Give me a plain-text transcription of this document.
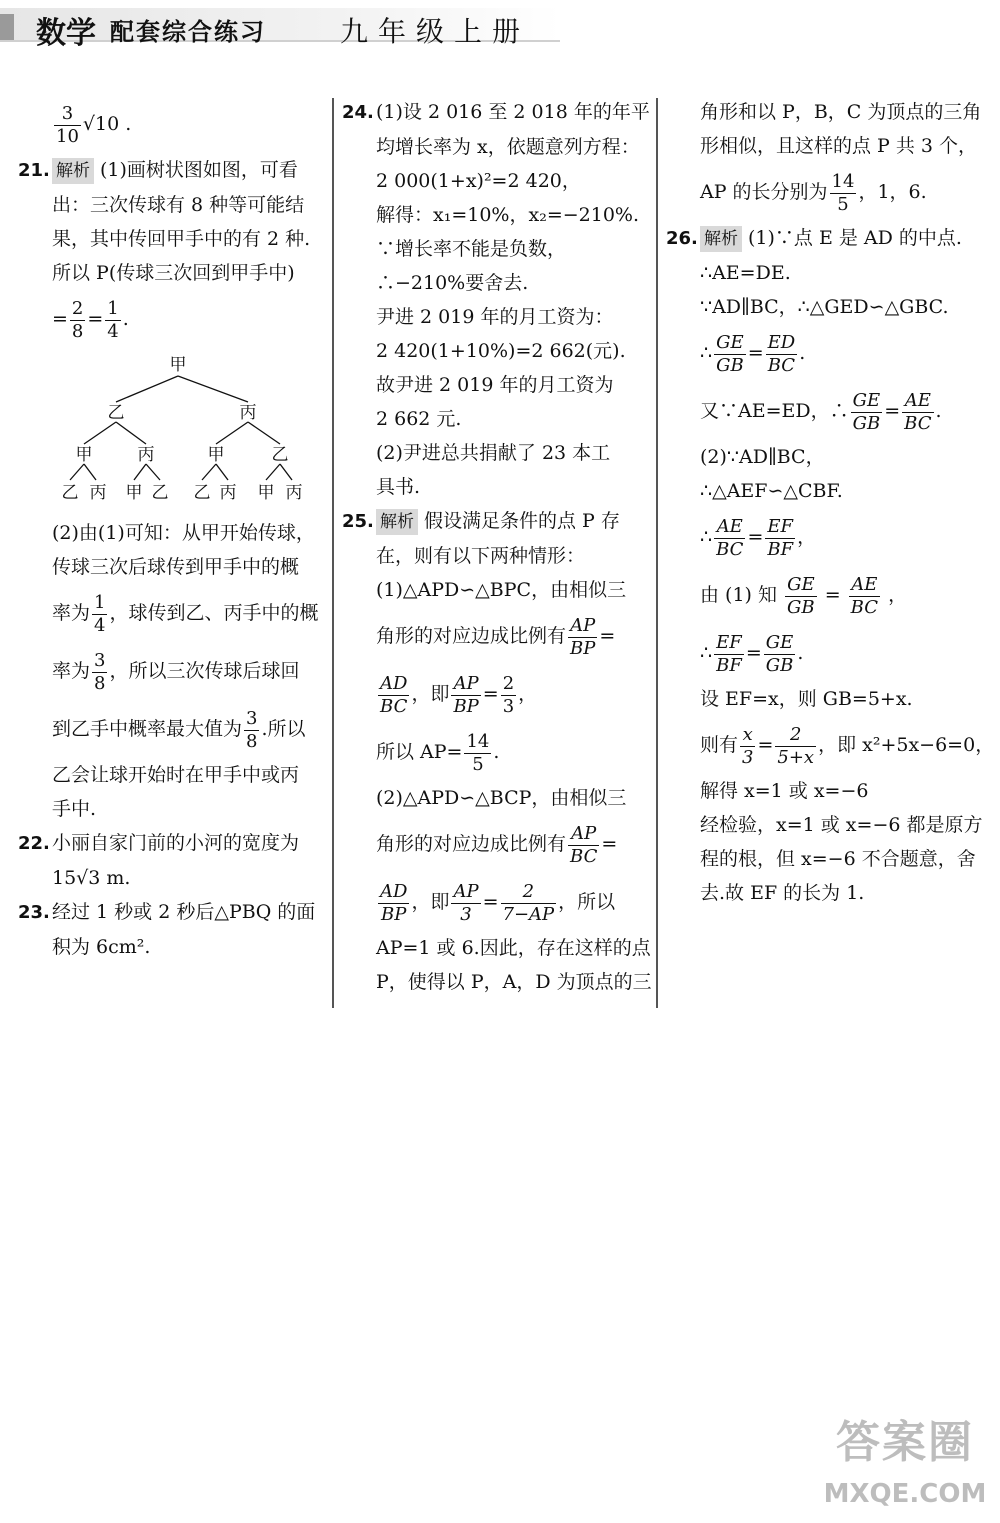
数学 配套综合练习	九年级上册
$\frac{3}{10} √10$ .
21. 解析 (1)画树状图如图，可看
出：三次传球有 8 种等可能结
果，其中传回甲手中的有 2 种.
所以 P(传球三次回到甲手中)
= $\frac{2}{8} = \frac{1}{4}$ .
甲
乙	丙
甲	丙	甲	乙
乙 丙 甲 乙 乙 丙 甲 丙
(2)由(1)可知：从甲开始传球，
传球三次后球传到甲手中的概
率为 $\frac{1}{4}$ ，球传到乙、丙手中的概
率为 $\frac{3}{8}$ ，所以三次传球后球回
到乙手中概率最大值为 $\frac{3}{8}$ .所以
乙会让球开始时在甲手中或丙
手中.
22. 小丽自家门前的小河的宽度为
15√3 m.
23. 经过 1 秒或 2 秒后△PBQ 的面
积为 6cm².
24. (1)设 2 016 至 2 018 年的年平
均增长率为 x，依题意列方程：
2 000(1+x)²=2 420，
解得：x₁=10%，x₂=−210%.
∵增长率不能是负数，
∴−210%要舍去.
尹进 2 019 年的月工资为：
2 420(1+10%)=2 662(元).
故尹进 2 019 年的月工资为
2 662 元.
(2)尹进总共捐献了 23 本工
具书.
25. 解析 假设满足条件的点 P 存
在，则有以下两种情形：
(1)△APD∽△BPC，由相似三
角形的对应边成比例有 $\frac{AP}{BP}$ =
$\frac{AD}{BC}$ ，即 $\frac{AP}{BP} = \frac{2}{3}$ ，
所以 $AP= \frac{14}{5}$ .
(2)△APD∽△BCP，由相似三
角形的对应边成比例有 $\frac{AP}{BC}$ =
$\frac{AD}{BP}$ ，即 $\frac{AP}{3} = \frac{2}{7-AP}$ ，所以
AP=1 或 6.因此，存在这样的点
P，使得以 P，A，D 为顶点的三
角形和以 P，B，C 为顶点的三角
形相似，且这样的点 P 共 3 个，
AP 的长分别为 $\frac{14}{5}$ ，1，6.
26. 解析 (1)∵点 E 是 AD 的中点.
∴AE=DE.
∵AD∥BC，∴△GED∽△GBC.
∴ $\frac{GE}{GB} = \frac{ED}{BC}$ .
又∵AE=ED，∴ $\frac{GE}{GB} = \frac{AE}{BC}$ .
(2)∵AD∥BC，
∴△AEF∽△CBF.
∴ $\frac{AE}{BC} = \frac{EF}{BF}$ ，
由 (1) 知 $\frac{GE}{GB} = \frac{AE}{BC}$ ，
∴ $\frac{EF}{BF} = \frac{GE}{GB}$ .
设 EF=x，则 GB=5+x.
则有 $\frac{x}{3} = \frac{2}{5+x}$ ，即 x²+5x−6=0，
解得 x=1 或 x=−6
经检验，x=1 或 x=−6 都是原方
程的根，但 x=−6 不合题意，舍
去.故 EF 的长为 1.
答案圈
MXQE.COM
